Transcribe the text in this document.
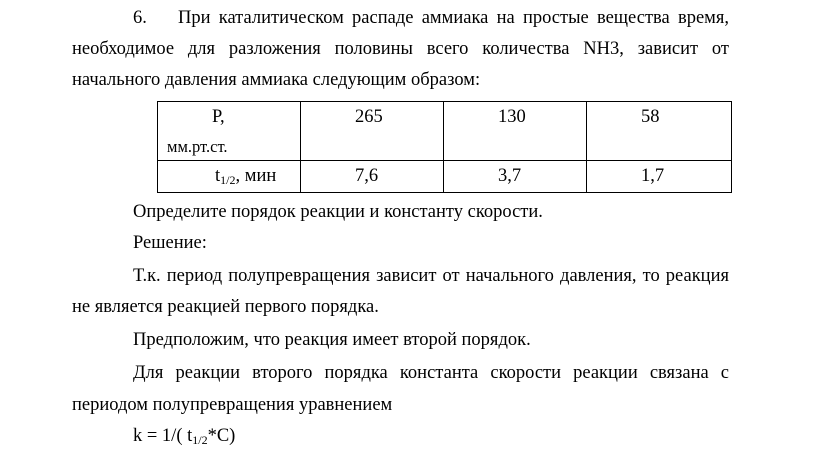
6. При каталитическом распаде аммиака на простые вещества время,
необходимое для разложения половины всего количества NH3, зависит от
начального давления аммиака следующим образом:
Р,
мм.рт.ст.	265	130	58

$t_{1/2}$, мин	7,6	3,7	1,7
Определите порядок реакции и константу скорости.
Решение:
Т.к. период полупревращения зависит от начального давления, то реакция
не является реакцией первого порядка.
Предположим, что реакция имеет второй порядок.
Для реакции второго порядка константа скорости реакции связана с
периодом полупревращения уравнением
k = 1/( $t_{1/2}*C$)
